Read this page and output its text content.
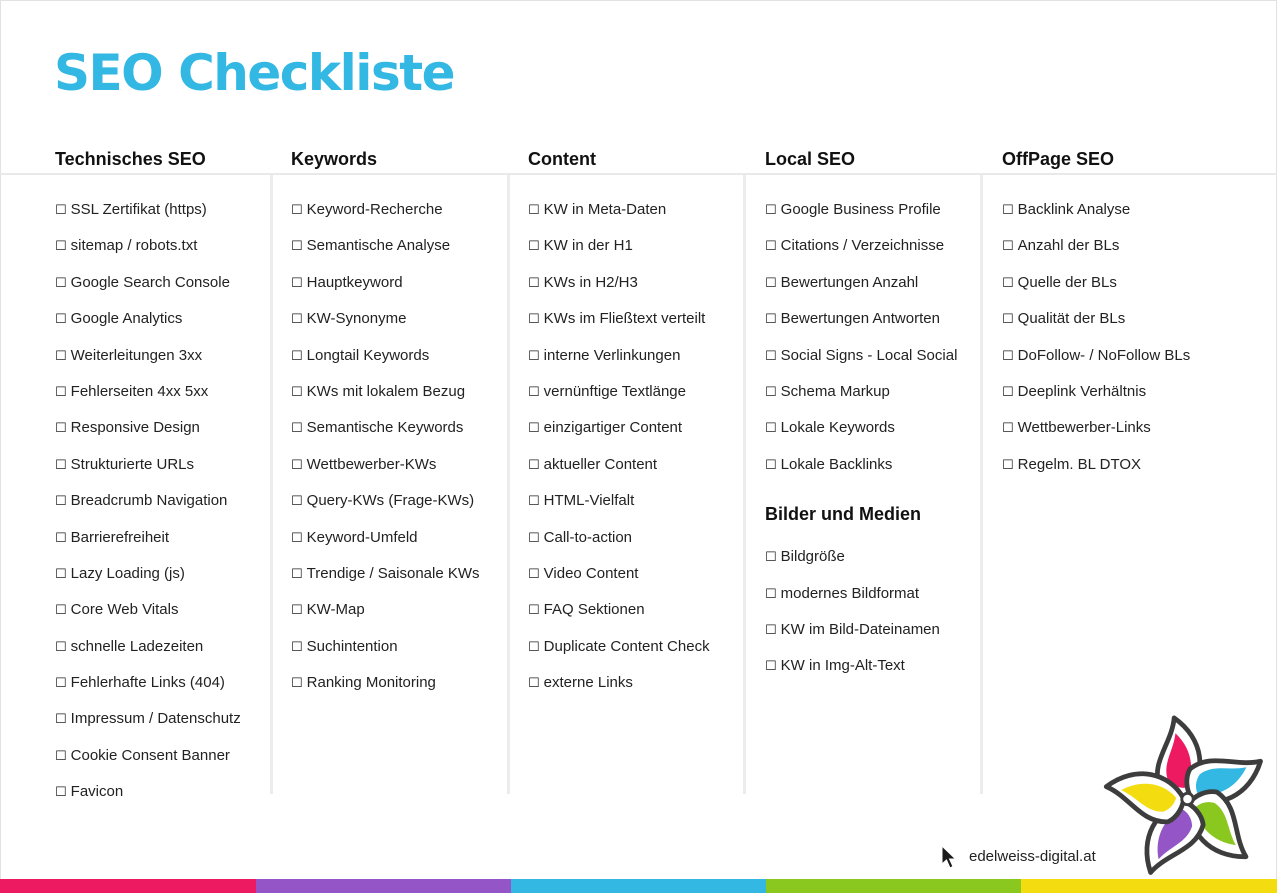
SEO Checkliste
Technisches SEO
☐ SSL Zertifikat (https)
☐ sitemap / robots.txt
☐ Google Search Console
☐ Google Analytics
☐ Weiterleitungen 3xx
☐ Fehlerseiten 4xx 5xx
☐ Responsive Design
☐ Strukturierte URLs
☐ Breadcrumb Navigation
☐ Barrierefreiheit
☐ Lazy Loading (js)
☐ Core Web Vitals
☐ schnelle Ladezeiten
☐ Fehlerhafte Links (404)
☐ Impressum / Datenschutz
☐ Cookie Consent Banner
☐ Favicon
Keywords
☐ Keyword-Recherche
☐ Semantische Analyse
☐ Hauptkeyword
☐ KW-Synonyme
☐ Longtail Keywords
☐ KWs mit lokalem Bezug
☐ Semantische Keywords
☐ Wettbewerber-KWs
☐ Query-KWs (Frage-KWs)
☐ Keyword-Umfeld
☐ Trendige / Saisonale KWs
☐ KW-Map
☐ Suchintention
☐ Ranking Monitoring
Content
☐ KW in Meta-Daten
☐ KW in der H1
☐ KWs in H2/H3
☐ KWs im Fließtext verteilt
☐ interne Verlinkungen
☐ vernünftige Textlänge
☐ einzigartiger Content
☐ aktueller Content
☐ HTML-Vielfalt
☐ Call-to-action
☐ Video Content
☐ FAQ Sektionen
☐ Duplicate Content Check
☐ externe Links
Local SEO
☐ Google Business Profile
☐ Citations / Verzeichnisse
☐ Bewertungen Anzahl
☐ Bewertungen Antworten
☐ Social Signs - Local Social
☐ Schema Markup
☐ Lokale Keywords
☐ Lokale Backlinks
Bilder und Medien
☐ Bildgröße
☐ modernes Bildformat
☐ KW im Bild-Dateinamen
☐ KW in Img-Alt-Text
OffPage SEO
☐ Backlink Analyse
☐ Anzahl der BLs
☐ Quelle der BLs
☐ Qualität der BLs
☐ DoFollow- / NoFollow BLs
☐ Deeplink Verhältnis
☐ Wettbewerber-Links
☐ Regelm. BL DTOX
edelweiss-digital.at
